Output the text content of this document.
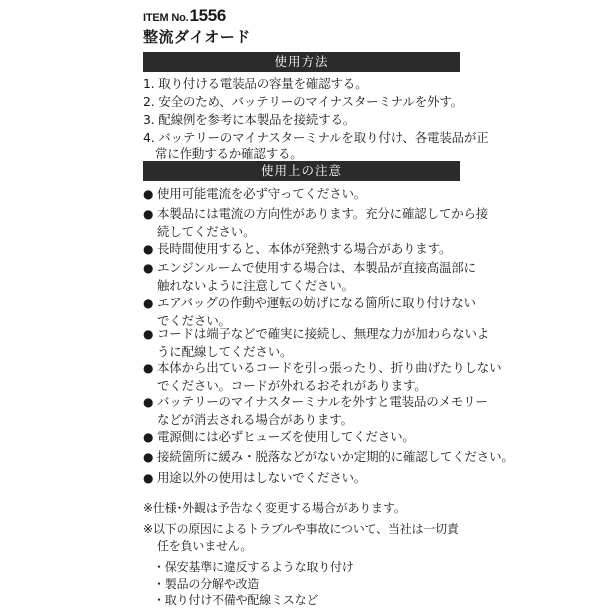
ITEM No. 1556
整流ダイオード
使用方法
1. 取り付ける電装品の容量を確認する。
2. 安全のため、バッテリーのマイナスターミナルを外す。
3. 配線例を参考に本製品を接続する。
4. バッテリーのマイナスターミナルを取り付け、各電装品が正
常に作動するか確認する。
使用上の注意
● 使用可能電流を必ず守ってください。
● 本製品には電流の方向性があります。充分に確認してから接
続してください。
● 長時間使用すると、本体が発熱する場合があります。
● エンジンルームで使用する場合は、本製品が直接高温部に
触れないように注意してください。
● エアバッグの作動や運転の妨げになる箇所に取り付けない
でください。
● コードは端子などで確実に接続し、無理な力が加わらないよ
うに配線してください。
● 本体から出ているコードを引っ張ったり、折り曲げたりしない
でください。コードが外れるおそれがあります。
● バッテリーのマイナスターミナルを外すと電装品のメモリー
などが消去される場合があります。
● 電源側には必ずヒューズを使用してください。
● 接続箇所に緩み・脱落などがないか定期的に確認してください。
● 用途以外の使用はしないでください。
※仕様･外観は予告なく変更する場合があります。
※以下の原因によるトラブルや事故について、当社は一切責
任を負いません。
・保安基準に違反するような取り付け
・製品の分解や改造
・取り付け不備や配線ミスなど
